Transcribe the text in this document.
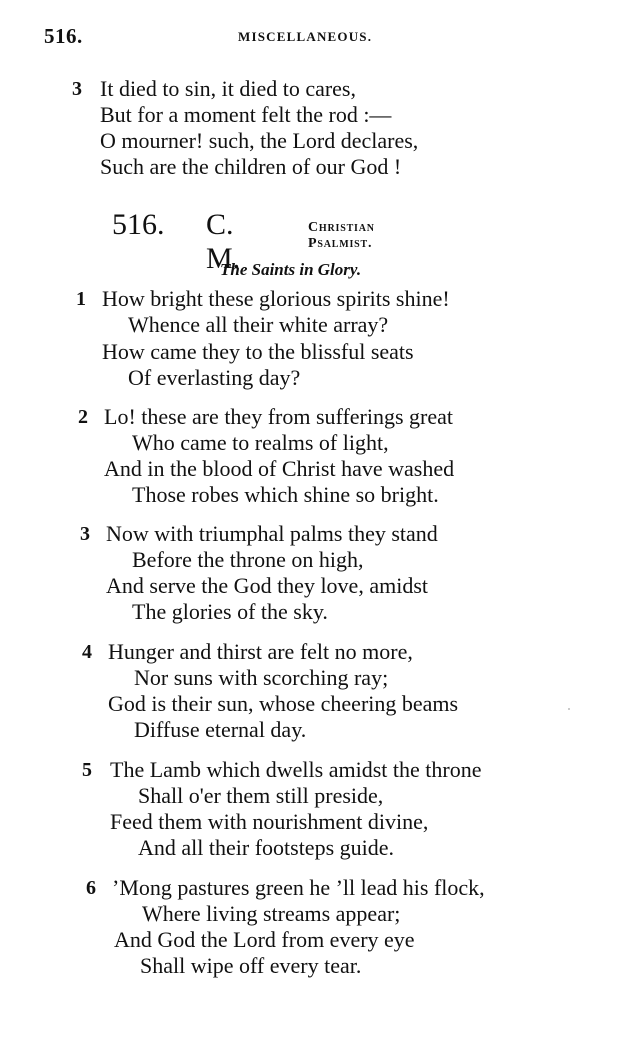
516.	MISCELLANEOUS.
3 It died to sin, it died to cares,
But for a moment felt the rod :—
O mourner! such, the Lord declares,
Such are the children of our God !
516. C. M.
Christian Psalmist.
The Saints in Glory.
1 How bright these glorious spirits shine!
Whence all their white array?
How came they to the blissful seats
Of everlasting day?
2 Lo! these are they from sufferings great
Who came to realms of light,
And in the blood of Christ have washed
Those robes which shine so bright.
3 Now with triumphal palms they stand
Before the throne on high,
And serve the God they love, amidst
The glories of the sky.
4 Hunger and thirst are felt no more,
Nor suns with scorching ray;
God is their sun, whose cheering beams
Diffuse eternal day.
5 The Lamb which dwells amidst the throne
Shall o'er them still preside,
Feed them with nourishment divine,
And all their footsteps guide.
6 ’Mong pastures green he ’ll lead his flock,
Where living streams appear;
And God the Lord from every eye
Shall wipe off every tear.
